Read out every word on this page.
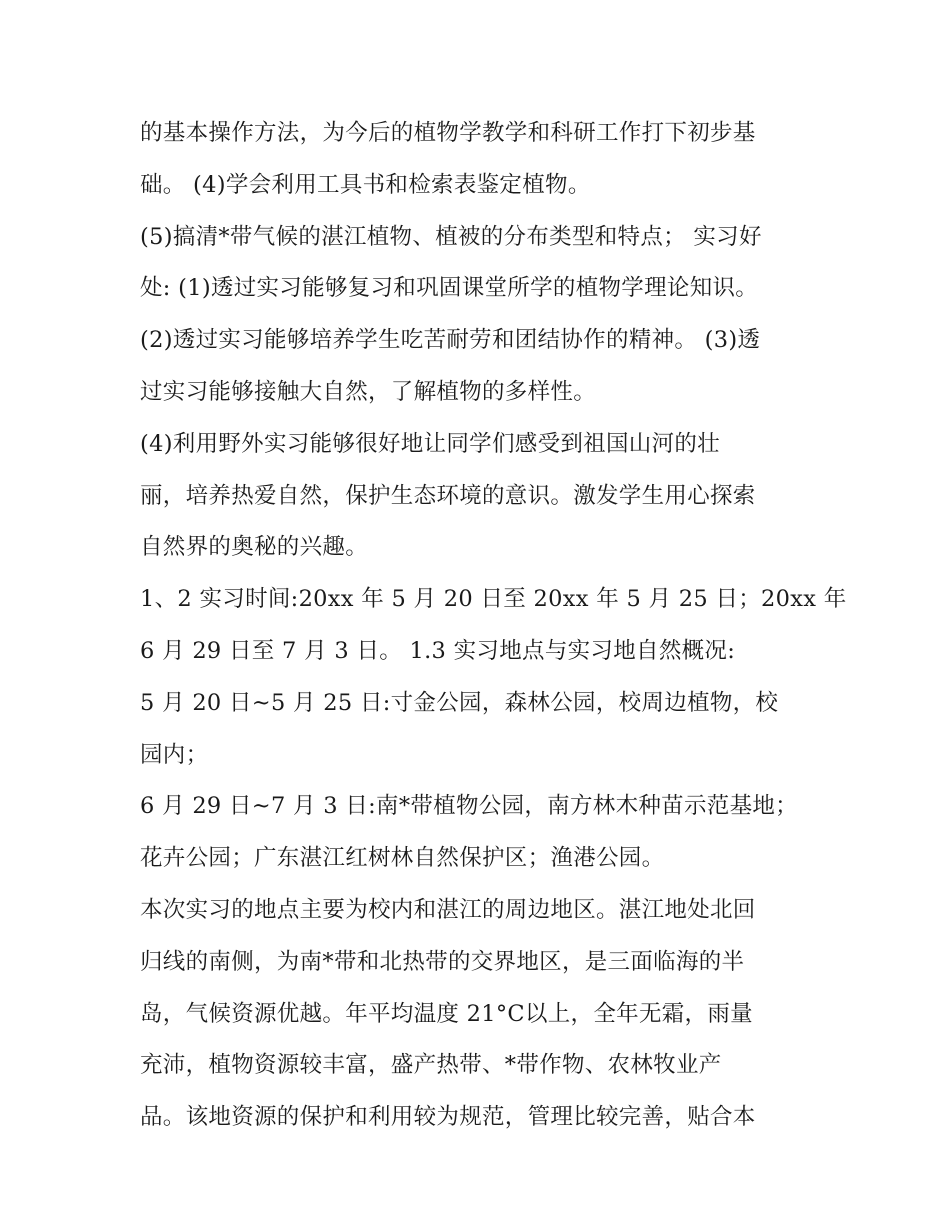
的基本操作方法，为今后的植物学教学和科研工作打下初步基
础。 (4)学会利用工具书和检索表鉴定植物。
(5)搞清*带气候的湛江植物、植被的分布类型和特点； 实习好
处: (1)透过实习能够复习和巩固课堂所学的植物学理论知识。
(2)透过实习能够培养学生吃苦耐劳和团结协作的精神。 (3)透
过实习能够接触大自然，了解植物的多样性。
(4)利用野外实习能够很好地让同学们感受到祖国山河的壮
丽，培养热爱自然，保护生态环境的意识。激发学生用心探索
自然界的奥秘的兴趣。
1、2 实习时间:20xx 年 5 月 20 日至 20xx 年 5 月 25 日；20xx 年
6 月 29 日至 7 月 3 日。 1.3 实习地点与实习地自然概况:
5 月 20 日~5 月 25 日:寸金公园，森林公园，校周边植物，校
园内；
6 月 29 日~7 月 3 日:南*带植物公园，南方林木种苗示范基地；
花卉公园；广东湛江红树林自然保护区；渔港公园。
本次实习的地点主要为校内和湛江的周边地区。湛江地处北回
归线的南侧，为南*带和北热带的交界地区，是三面临海的半
岛，气候资源优越。年平均温度 21°C以上，全年无霜，雨量
充沛，植物资源较丰富，盛产热带、*带作物、农林牧业产
品。该地资源的保护和利用较为规范，管理比较完善，贴合本
